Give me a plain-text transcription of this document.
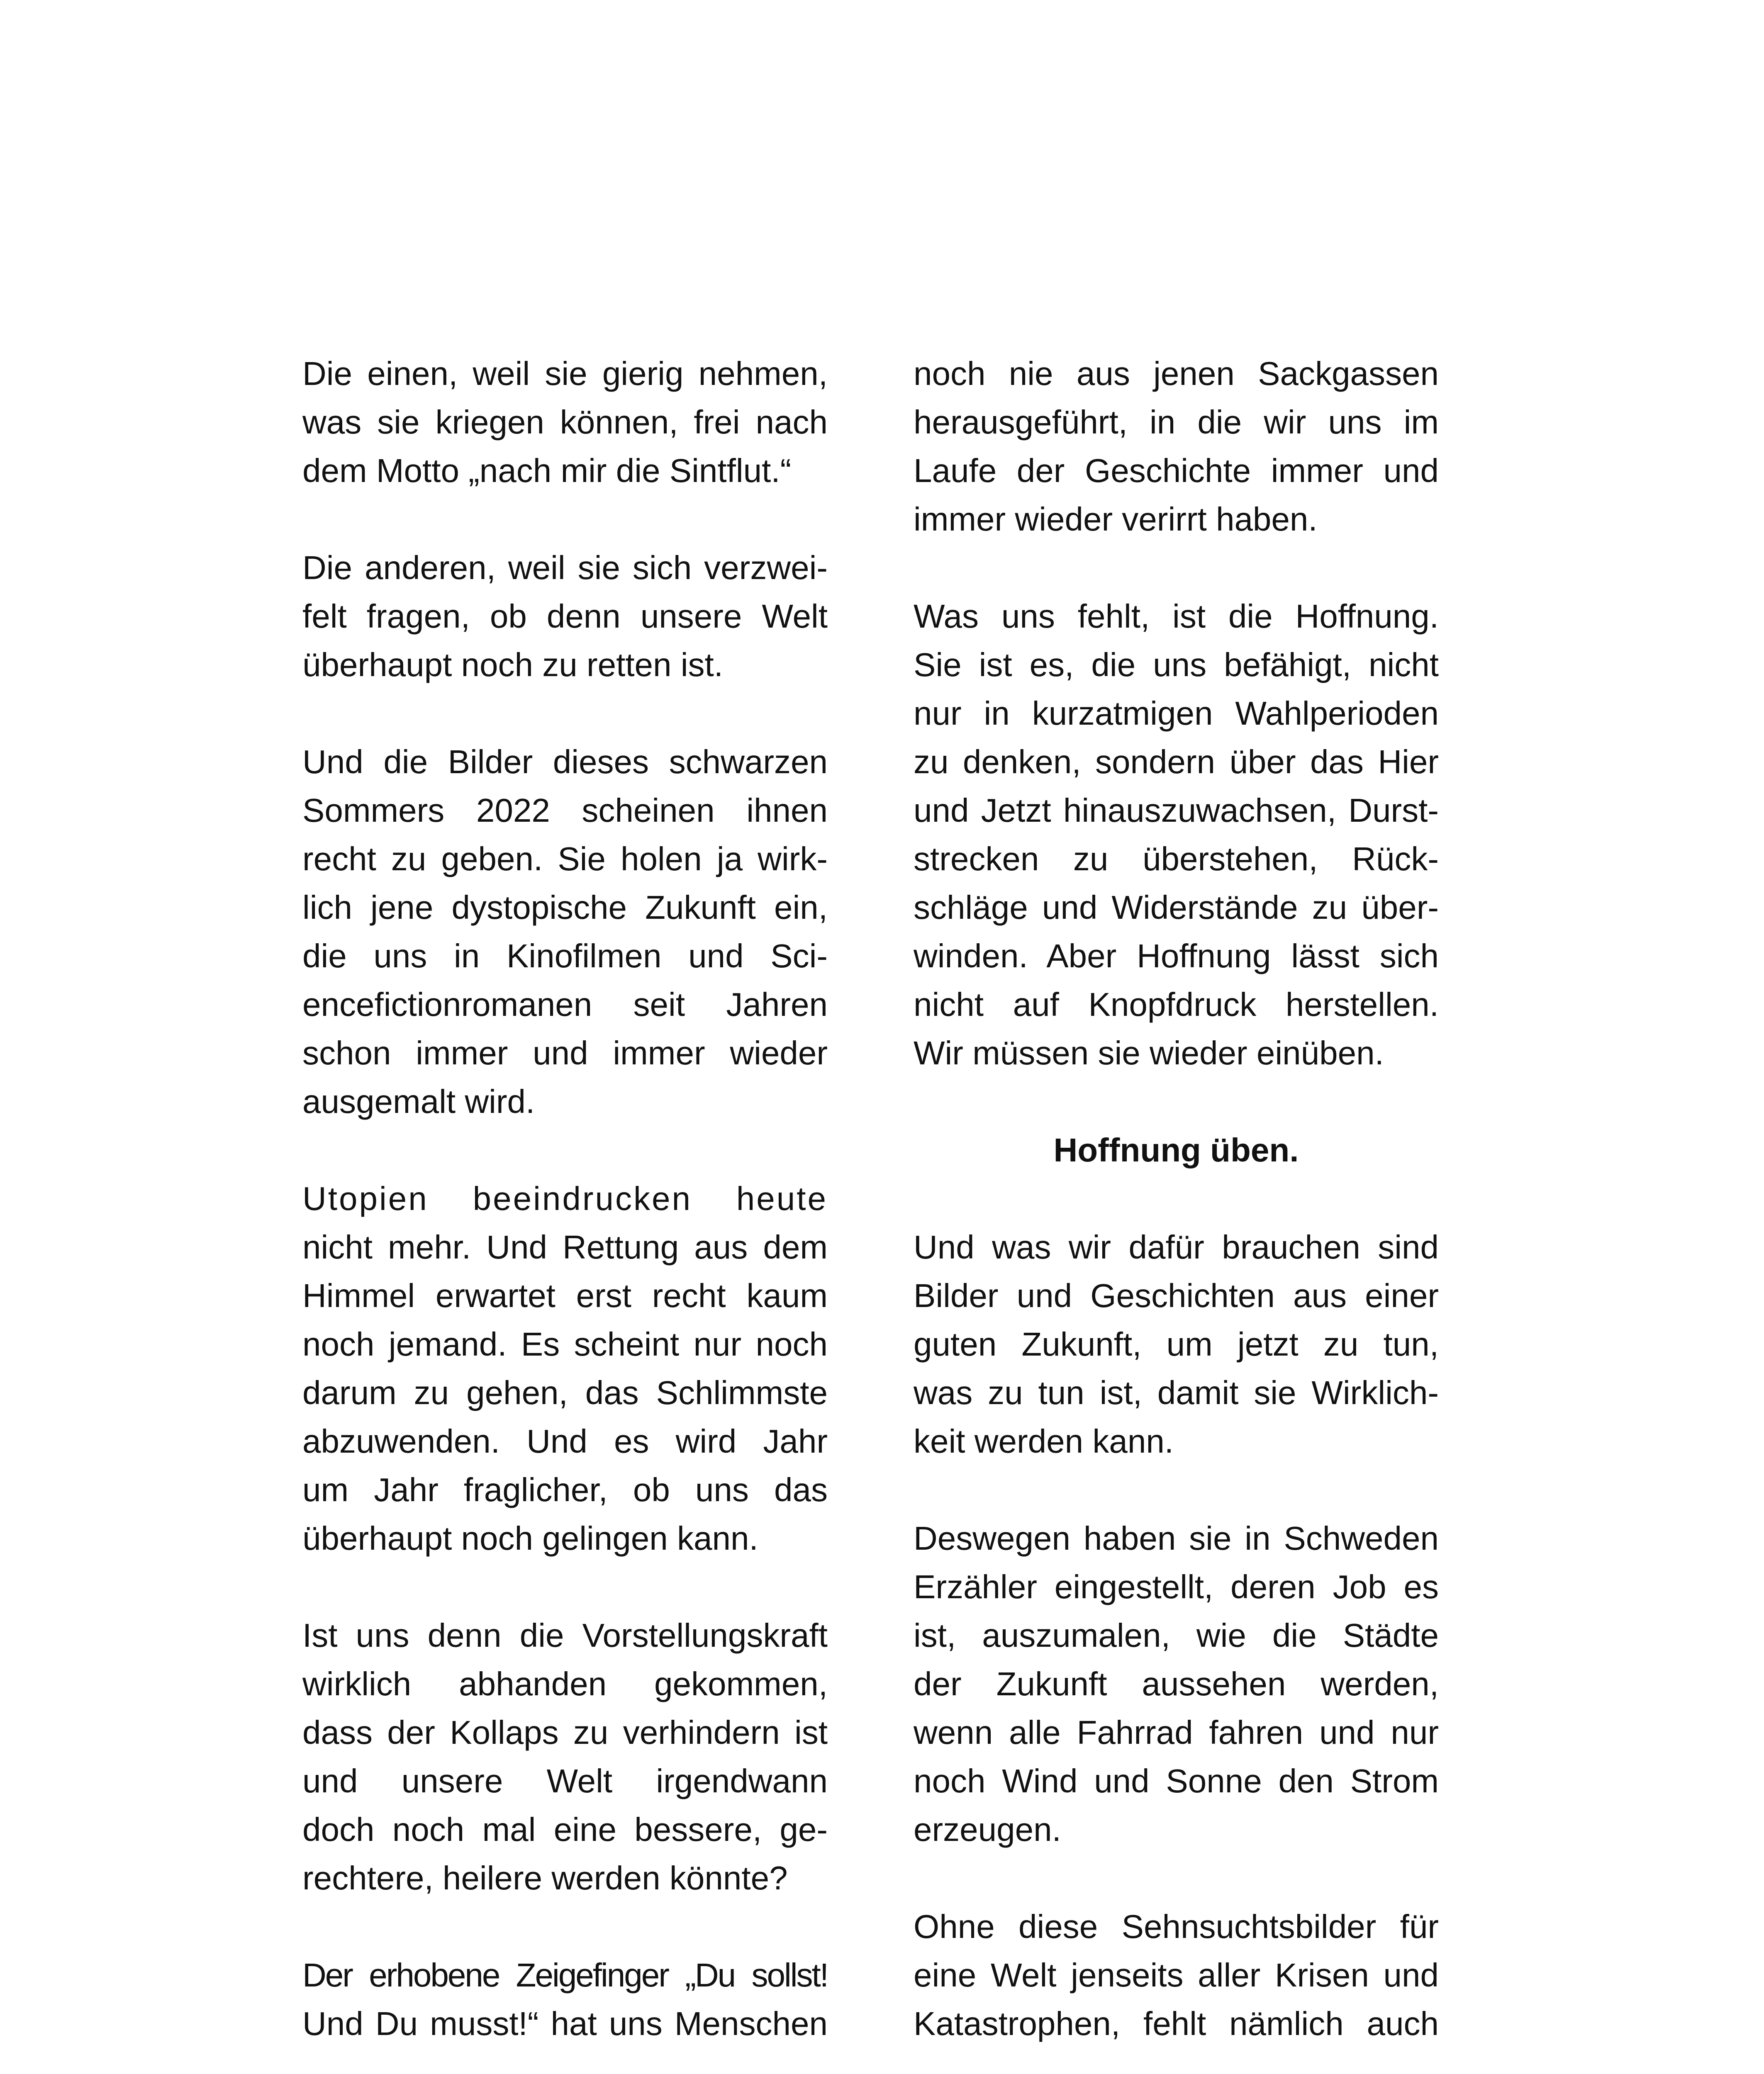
Die einen, weil sie gierig nehmen,
was sie kriegen können, frei nach
dem Motto „nach mir die Sintflut.“
Die anderen, weil sie sich verzwei-
felt fragen, ob denn unsere Welt
überhaupt noch zu retten ist.
Und die Bilder dieses schwarzen
Sommers 2022 scheinen ihnen
recht zu geben. Sie holen ja wirk-
lich jene dystopische Zukunft ein,
die uns in Kinofilmen und Sci-
encefictionromanen seit Jahren
schon immer und immer wieder
ausgemalt wird.
Utopien beeindrucken heute
nicht mehr. Und Rettung aus dem
Himmel erwartet erst recht kaum
noch jemand. Es scheint nur noch
darum zu gehen, das Schlimmste
abzuwenden. Und es wird Jahr
um Jahr fraglicher, ob uns das
überhaupt noch gelingen kann.
Ist uns denn die Vorstellungskraft
wirklich abhanden gekommen,
dass der Kollaps zu verhindern ist
und unsere Welt irgendwann
doch noch mal eine bessere, ge-
rechtere, heilere werden könnte?
Der erhobene Zeigefinger „Du sollst!
Und Du musst!“ hat uns Menschen
noch nie aus jenen Sackgassen
herausgeführt, in die wir uns im
Laufe der Geschichte immer und
immer wieder verirrt haben.
Was uns fehlt, ist die Hoffnung.
Sie ist es, die uns befähigt, nicht
nur in kurzatmigen Wahlperioden
zu denken, sondern über das Hier
und Jetzt hinauszuwachsen, Durst-
strecken zu überstehen, Rück-
schläge und Widerstände zu über-
winden. Aber Hoffnung lässt sich
nicht auf Knopfdruck herstellen.
Wir müssen sie wieder einüben.
Hoffnung üben.
Und was wir dafür brauchen sind
Bilder und Geschichten aus einer
guten Zukunft, um jetzt zu tun,
was zu tun ist, damit sie Wirklich-
keit werden kann.
Deswegen haben sie in Schweden
Erzähler eingestellt, deren Job es
ist, auszumalen, wie die Städte
der Zukunft aussehen werden,
wenn alle Fahrrad fahren und nur
noch Wind und Sonne den Strom
erzeugen.
Ohne diese Sehnsuchtsbilder für
eine Welt jenseits aller Krisen und
Katastrophen, fehlt nämlich auch
